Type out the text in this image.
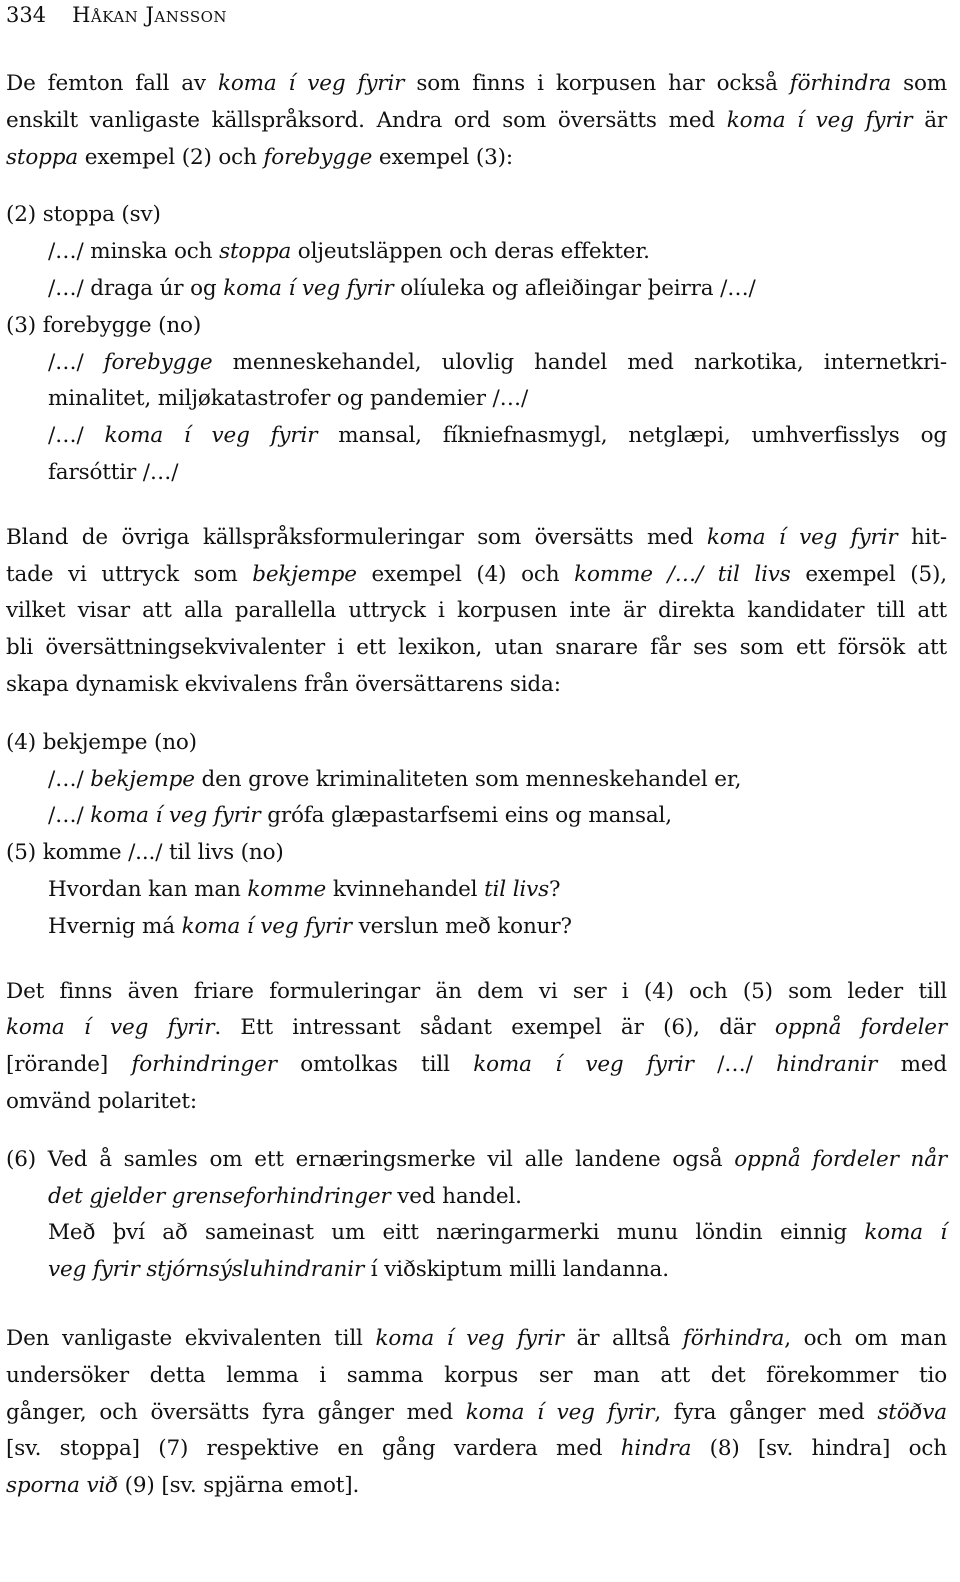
334 Håkan Jansson
De femton fall av koma í veg fyrir som finns i korpusen har också förhindra som
enskilt vanligaste källspråksord. Andra ord som översätts med koma í veg fyrir är
stoppa exempel (2) och forebygge exempel (3):
(2) stoppa (sv)
/…/ minska och stoppa oljeutsläppen och deras effekter.
/…/ draga úr og koma í veg fyrir olíuleka og afleiðingar þeirra /…/
(3) forebygge (no)
/…/ forebygge menneskehandel, ulovlig handel med narkotika, internetkri-
minalitet, miljøkatastrofer og pandemier /…/
/…/ koma í veg fyrir mansal, fíkniefnasmygl, netglæpi, umhverfisslys og
farsóttir /…/
Bland de övriga källspråksformuleringar som översätts med koma í veg fyrir hit-
tade vi uttryck som bekjempe exempel (4) och komme /…/ til livs exempel (5),
vilket visar att alla parallella uttryck i korpusen inte är direkta kandidater till att
bli översättningsekvivalenter i ett lexikon, utan snarare får ses som ett försök att
skapa dynamisk ekvivalens från översättarens sida:
(4) bekjempe (no)
/…/ bekjempe den grove kriminaliteten som menneskehandel er,
/…/ koma í veg fyrir grófa glæpastarfsemi eins og mansal,
(5) komme /.../ til livs (no)
Hvordan kan man komme kvinnehandel til livs?
Hvernig má koma í veg fyrir verslun með konur?
Det finns även friare formuleringar än dem vi ser i (4) och (5) som leder till
koma í veg fyrir. Ett intressant sådant exempel är (6), där oppnå fordeler
[rörande] forhindringer omtolkas till koma í veg fyrir /…/ hindranir med
omvänd polaritet:
(6) Ved å samles om ett ernæringsmerke vil alle landene også oppnå fordeler når
det gjelder grenseforhindringer ved handel.
Með því að sameinast um eitt næringarmerki munu löndin einnig koma í
veg fyrir stjórnsýsluhindranir í viðskiptum milli landanna.
Den vanligaste ekvivalenten till koma í veg fyrir är alltså förhindra, och om man
undersöker detta lemma i samma korpus ser man att det förekommer tio
gånger, och översätts fyra gånger med koma í veg fyrir, fyra gånger med stöðva
[sv. stoppa] (7) respektive en gång vardera med hindra (8) [sv. hindra] och
sporna við (9) [sv. spjärna emot].
